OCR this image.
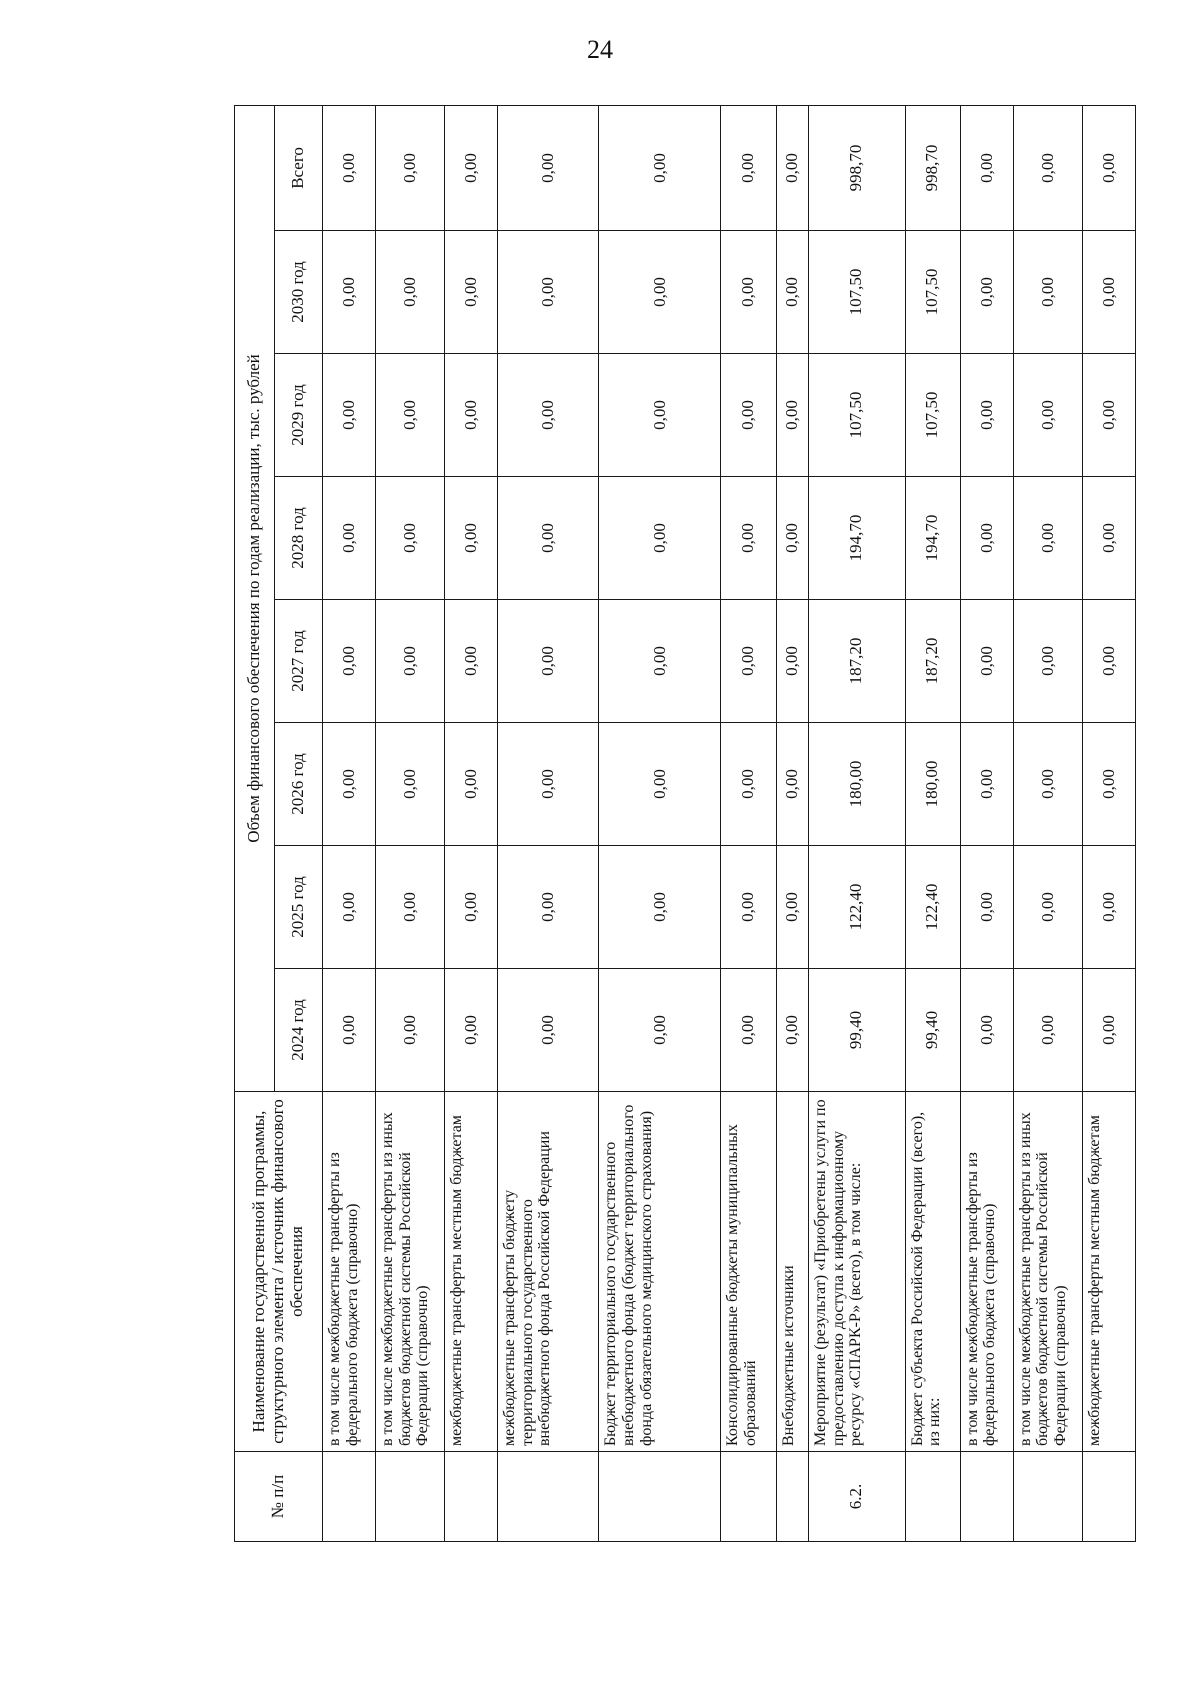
24
№ п/п	Наименование государственной программы, структурного элемента / источник финансового обеспечения	Объем финансового обеспечения по годам реализации, тыс. рублей							
		2024 год	2025 год	2026 год	2027 год	2028 год	2029 год	2030 год	Всего
	в том числе межбюджетные трансферты из федерального бюджета (справочно)	0,00	0,00	0,00	0,00	0,00	0,00	0,00	0,00
	в том числе межбюджетные трансферты из иных бюджетов бюджетной системы Российской Федерации (справочно)	0,00	0,00	0,00	0,00	0,00	0,00	0,00	0,00
	межбюджетные трансферты местным бюджетам	0,00	0,00	0,00	0,00	0,00	0,00	0,00	0,00
	межбюджетные трансферты бюджету территориального государственного внебюджетного фонда Российской Федерации	0,00	0,00	0,00	0,00	0,00	0,00	0,00	0,00
	Бюджет территориального государственного внебюджетного фонда (бюджет территориального фонда обязательного медицинского страхования)	0,00	0,00	0,00	0,00	0,00	0,00	0,00	0,00
	Консолидированные бюджеты муниципальных образований	0,00	0,00	0,00	0,00	0,00	0,00	0,00	0,00
	Внебюджетные источники	0,00	0,00	0,00	0,00	0,00	0,00	0,00	0,00
6.2.	Мероприятие (результат) «Приобретены услуги по предоставлению доступа к информационному ресурсу «СПАРК-Р» (всего), в том числе:	99,40	122,40	180,00	187,20	194,70	107,50	107,50	998,70
	Бюджет субъекта Российской Федерации (всего), из них:	99,40	122,40	180,00	187,20	194,70	107,50	107,50	998,70
	в том числе межбюджетные трансферты из федерального бюджета (справочно)	0,00	0,00	0,00	0,00	0,00	0,00	0,00	0,00
	в том числе межбюджетные трансферты из иных бюджетов бюджетной системы Российской Федерации (справочно)	0,00	0,00	0,00	0,00	0,00	0,00	0,00	0,00
	межбюджетные трансферты местным бюджетам	0,00	0,00	0,00	0,00	0,00	0,00	0,00	0,00
